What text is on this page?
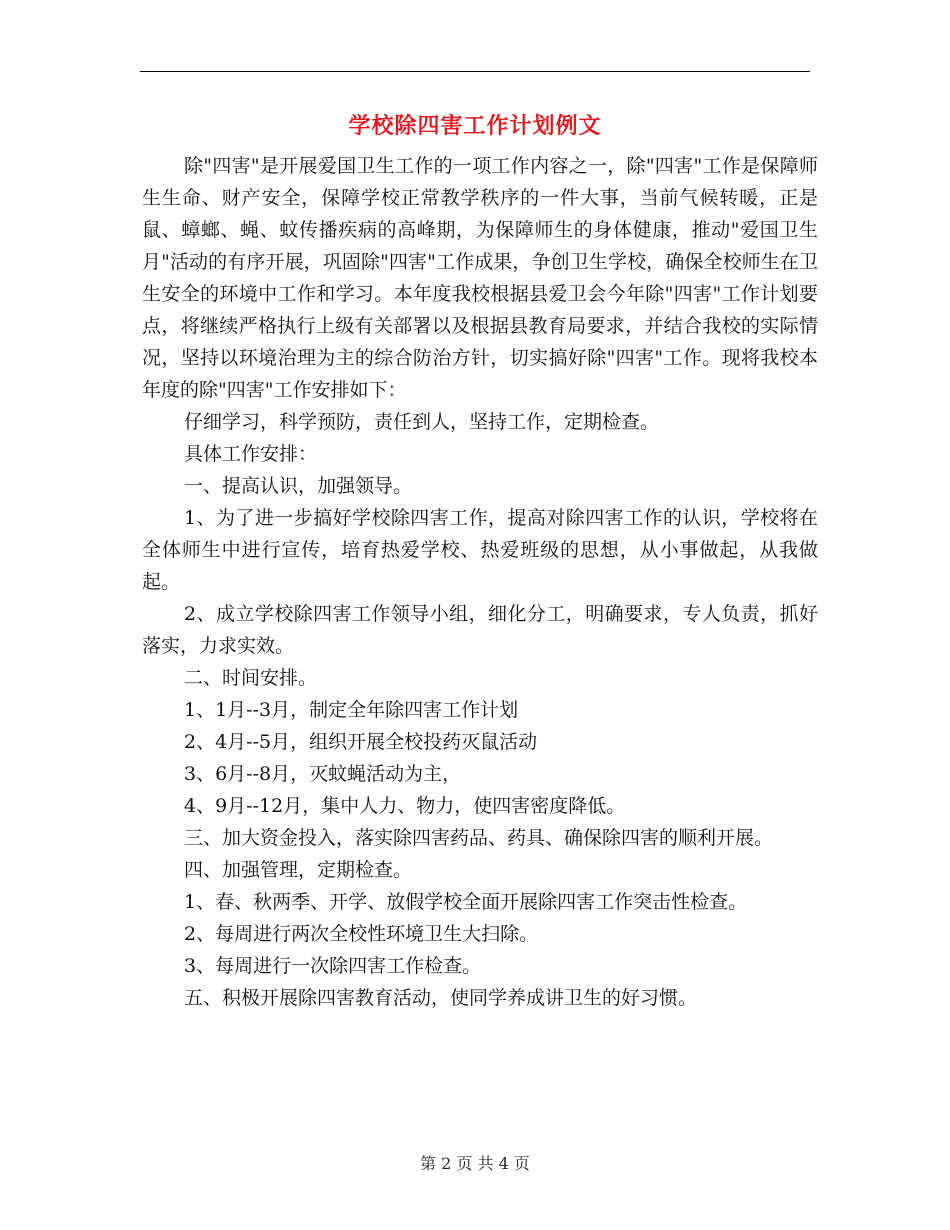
学校除四害工作计划例文

除"四害"是开展爱国卫生工作的一项工作内容之一，除"四害"工作是保障师生生命、财产安全，保障学校正常教学秩序的一件大事，当前气候转暖，正是鼠、蟑螂、蝇、蚊传播疾病的高峰期，为保障师生的身体健康，推动"爱国卫生月"活动的有序开展，巩固除"四害"工作成果，争创卫生学校，确保全校师生在卫生安全的环境中工作和学习。本年度我校根据县爱卫会今年除"四害"工作计划要点，将继续严格执行上级有关部署以及根据县教育局要求，并结合我校的实际情况，坚持以环境治理为主的综合防治方针，切实搞好除"四害"工作。现将我校本年度的除"四害"工作安排如下：

仔细学习，科学预防，责任到人，坚持工作，定期检查。

具体工作安排：

一、提高认识，加强领导。

1、为了进一步搞好学校除四害工作，提高对除四害工作的认识，学校将在全体师生中进行宣传，培育热爱学校、热爱班级的思想，从小事做起，从我做起。

2、成立学校除四害工作领导小组，细化分工，明确要求，专人负责，抓好落实，力求实效。

二、时间安排。

1、1月--3月，制定全年除四害工作计划

2、4月--5月，组织开展全校投药灭鼠活动

3、6月--8月，灭蚊蝇活动为主，

4、9月--12月，集中人力、物力，使四害密度降低。

三、加大资金投入，落实除四害药品、药具、确保除四害的顺利开展。

四、加强管理，定期检查。

1、春、秋两季、开学、放假学校全面开展除四害工作突击性检查。

2、每周进行两次全校性环境卫生大扫除。

3、每周进行一次除四害工作检查。

五、积极开展除四害教育活动，使同学养成讲卫生的好习惯。

第 2 页 共 4 页
